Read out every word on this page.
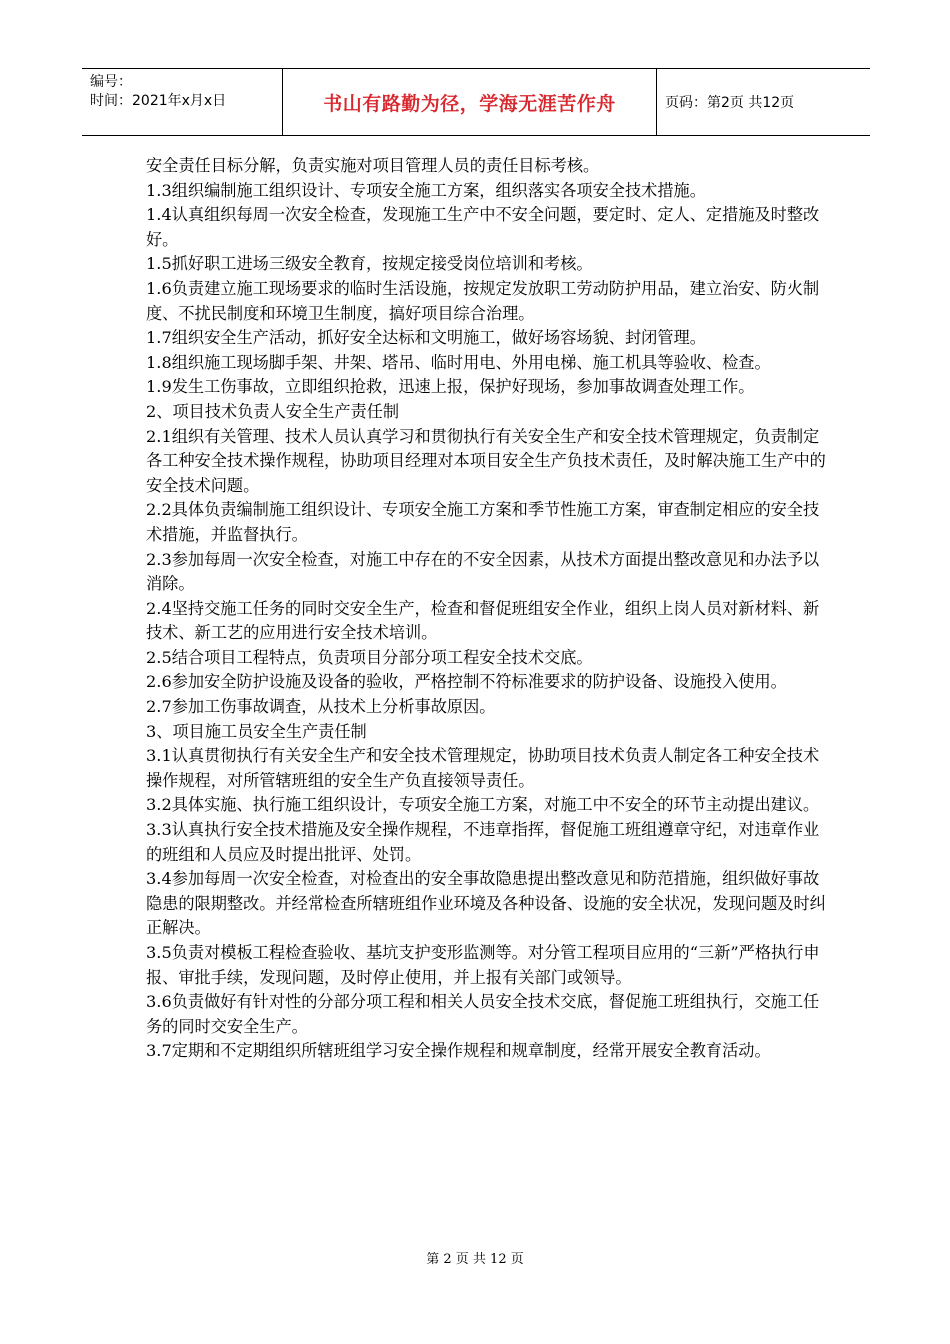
编号：
时间：2021年x月x日	书山有路勤为径，学海无涯苦作舟	页码：第2页 共12页

安全责任目标分解，负责实施对项目管理人员的责任目标考核。

1.3组织编制施工组织设计、专项安全施工方案，组织落实各项安全技术措施。

1.4认真组织每周一次安全检查，发现施工生产中不安全问题，要定时、定人、定措施及时整改好。

1.5抓好职工进场三级安全教育，按规定接受岗位培训和考核。

1.6负责建立施工现场要求的临时生活设施，按规定发放职工劳动防护用品，建立治安、防火制度、不扰民制度和环境卫生制度，搞好项目综合治理。

1.7组织安全生产活动，抓好安全达标和文明施工，做好场容场貌、封闭管理。

1.8组织施工现场脚手架、井架、塔吊、临时用电、外用电梯、施工机具等验收、检查。

1.9发生工伤事故，立即组织抢救，迅速上报，保护好现场，参加事故调查处理工作。

2、项目技术负责人安全生产责任制

2.1组织有关管理、技术人员认真学习和贯彻执行有关安全生产和安全技术管理规定，负责制定各工种安全技术操作规程，协助项目经理对本项目安全生产负技术责任，及时解决施工生产中的安全技术问题。

2.2具体负责编制施工组织设计、专项安全施工方案和季节性施工方案，审查制定相应的安全技术措施，并监督执行。

2.3参加每周一次安全检查，对施工中存在的不安全因素，从技术方面提出整改意见和办法予以消除。

2.4坚持交施工任务的同时交安全生产，检查和督促班组安全作业，组织上岗人员对新材料、新技术、新工艺的应用进行安全技术培训。

2.5结合项目工程特点，负责项目分部分项工程安全技术交底。

2.6参加安全防护设施及设备的验收，严格控制不符标准要求的防护设备、设施投入使用。

2.7参加工伤事故调查，从技术上分析事故原因。

3、项目施工员安全生产责任制

3.1认真贯彻执行有关安全生产和安全技术管理规定，协助项目技术负责人制定各工种安全技术操作规程，对所管辖班组的安全生产负直接领导责任。

3.2具体实施、执行施工组织设计，专项安全施工方案，对施工中不安全的环节主动提出建议。

3.3认真执行安全技术措施及安全操作规程，不违章指挥，督促施工班组遵章守纪，对违章作业的班组和人员应及时提出批评、处罚。

3.4参加每周一次安全检查，对检查出的安全事故隐患提出整改意见和防范措施，组织做好事故隐患的限期整改。并经常检查所辖班组作业环境及各种设备、设施的安全状况，发现问题及时纠正解决。

3.5负责对模板工程检查验收、基坑支护变形监测等。对分管工程项目应用的“三新”严格执行申报、审批手续，发现问题，及时停止使用，并上报有关部门或领导。

3.6负责做好有针对性的分部分项工程和相关人员安全技术交底，督促施工班组执行，交施工任务的同时交安全生产。

3.7定期和不定期组织所辖班组学习安全操作规程和规章制度，经常开展安全教育活动。

第 2 页 共 12 页
